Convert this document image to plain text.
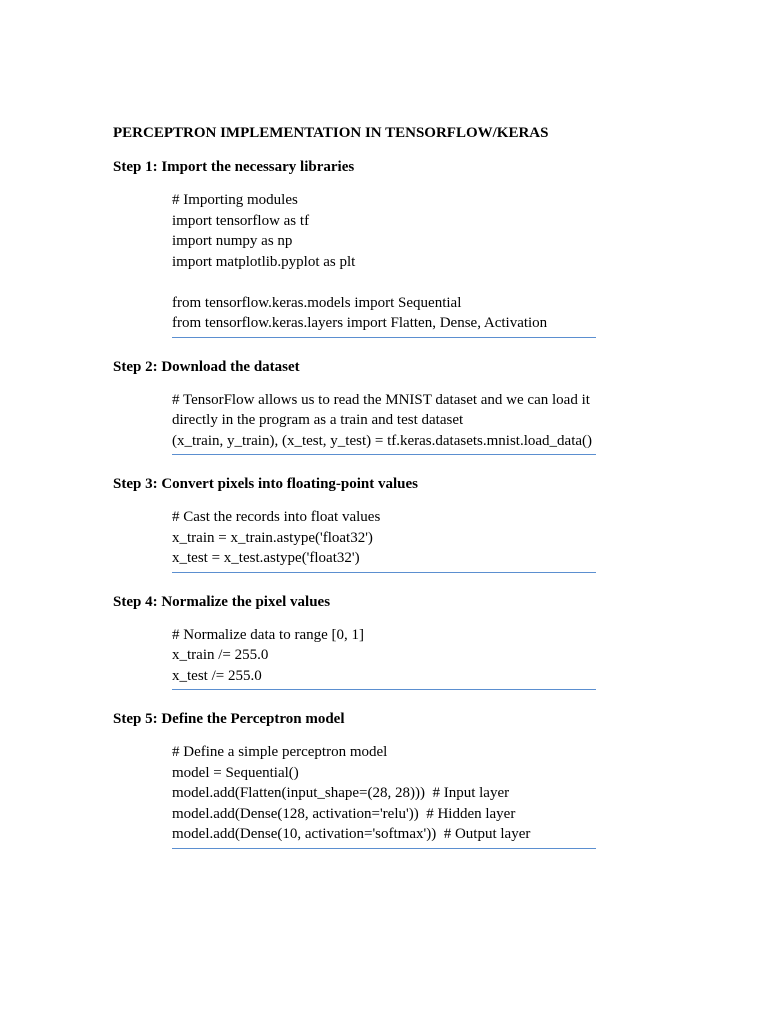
PERCEPTRON IMPLEMENTATION IN TENSORFLOW/KERAS
Step 1: Import the necessary libraries
# Importing modules
import tensorflow as tf
import numpy as np
import matplotlib.pyplot as plt
from tensorflow.keras.models import Sequential
from tensorflow.keras.layers import Flatten, Dense, Activation
Step 2: Download the dataset
# TensorFlow allows us to read the MNIST dataset and we can load it
directly in the program as a train and test dataset
(x_train, y_train), (x_test, y_test) = tf.keras.datasets.mnist.load_data()
Step 3: Convert pixels into floating-point values
# Cast the records into float values
x_train = x_train.astype('float32')
x_test = x_test.astype('float32')
Step 4: Normalize the pixel values
# Normalize data to range [0, 1]
x_train /= 255.0
x_test /= 255.0
Step 5: Define the Perceptron model
# Define a simple perceptron model
model = Sequential()
model.add(Flatten(input_shape=(28, 28)))  # Input layer
model.add(Dense(128, activation='relu'))  # Hidden layer
model.add(Dense(10, activation='softmax'))  # Output layer
